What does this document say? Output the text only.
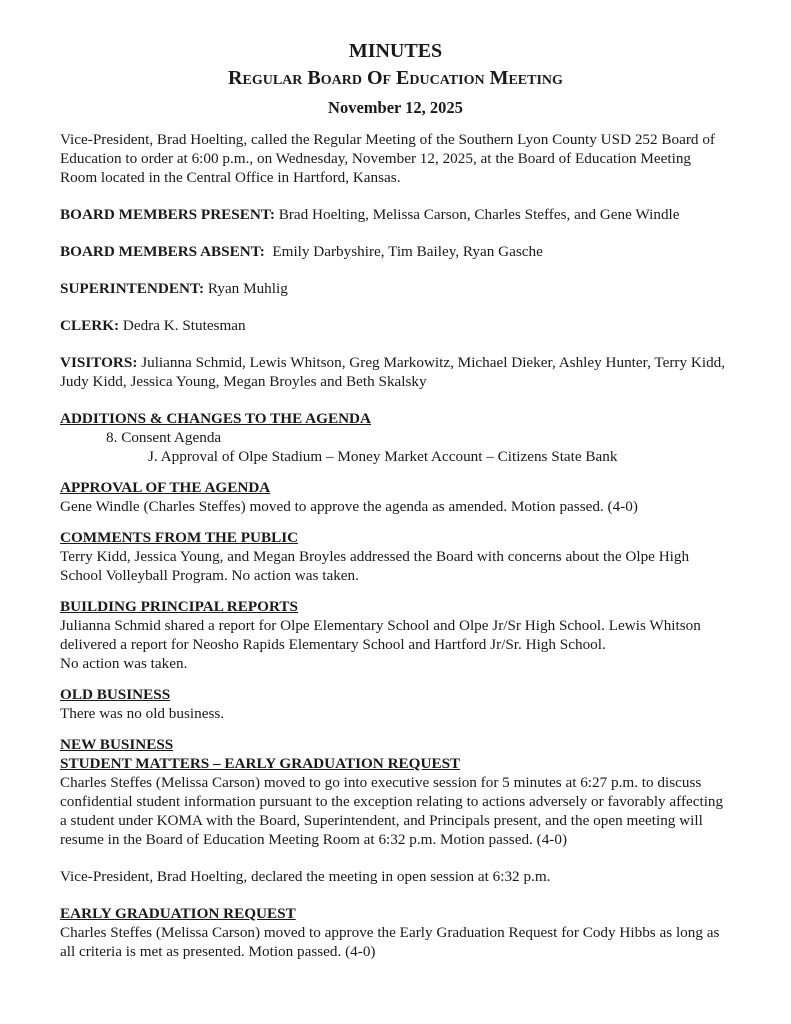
MINUTES
Regular Board Of Education Meeting
November 12, 2025

Vice-President, Brad Hoelting, called the Regular Meeting of the Southern Lyon County USD 252 Board of Education to order at 6:00 p.m., on Wednesday, November 12, 2025, at the Board of Education Meeting Room located in the Central Office in Hartford, Kansas.

BOARD MEMBERS PRESENT: Brad Hoelting, Melissa Carson, Charles Steffes, and Gene Windle

BOARD MEMBERS ABSENT: Emily Darbyshire, Tim Bailey, Ryan Gasche

SUPERINTENDENT: Ryan Muhlig

CLERK: Dedra K. Stutesman

VISITORS: Julianna Schmid, Lewis Whitson, Greg Markowitz, Michael Dieker, Ashley Hunter, Terry Kidd, Judy Kidd, Jessica Young, Megan Broyles and Beth Skalsky

ADDITIONS & CHANGES TO THE AGENDA

8. Consent Agenda

J. Approval of Olpe Stadium – Money Market Account – Citizens State Bank

APPROVAL OF THE AGENDA

Gene Windle (Charles Steffes) moved to approve the agenda as amended. Motion passed. (4-0)

COMMENTS FROM THE PUBLIC

Terry Kidd, Jessica Young, and Megan Broyles addressed the Board with concerns about the Olpe High School Volleyball Program. No action was taken.

BUILDING PRINCIPAL REPORTS

Julianna Schmid shared a report for Olpe Elementary School and Olpe Jr/Sr High School. Lewis Whitson delivered a report for Neosho Rapids Elementary School and Hartford Jr/Sr. High School.

No action was taken.

OLD BUSINESS

There was no old business.

NEW BUSINESS

STUDENT MATTERS – EARLY GRADUATION REQUEST

Charles Steffes (Melissa Carson) moved to go into executive session for 5 minutes at 6:27 p.m. to discuss confidential student information pursuant to the exception relating to actions adversely or favorably affecting a student under KOMA with the Board, Superintendent, and Principals present, and the open meeting will resume in the Board of Education Meeting Room at 6:32 p.m. Motion passed. (4-0)

Vice-President, Brad Hoelting, declared the meeting in open session at 6:32 p.m.

EARLY GRADUATION REQUEST

Charles Steffes (Melissa Carson) moved to approve the Early Graduation Request for Cody Hibbs as long as all criteria is met as presented. Motion passed. (4-0)
